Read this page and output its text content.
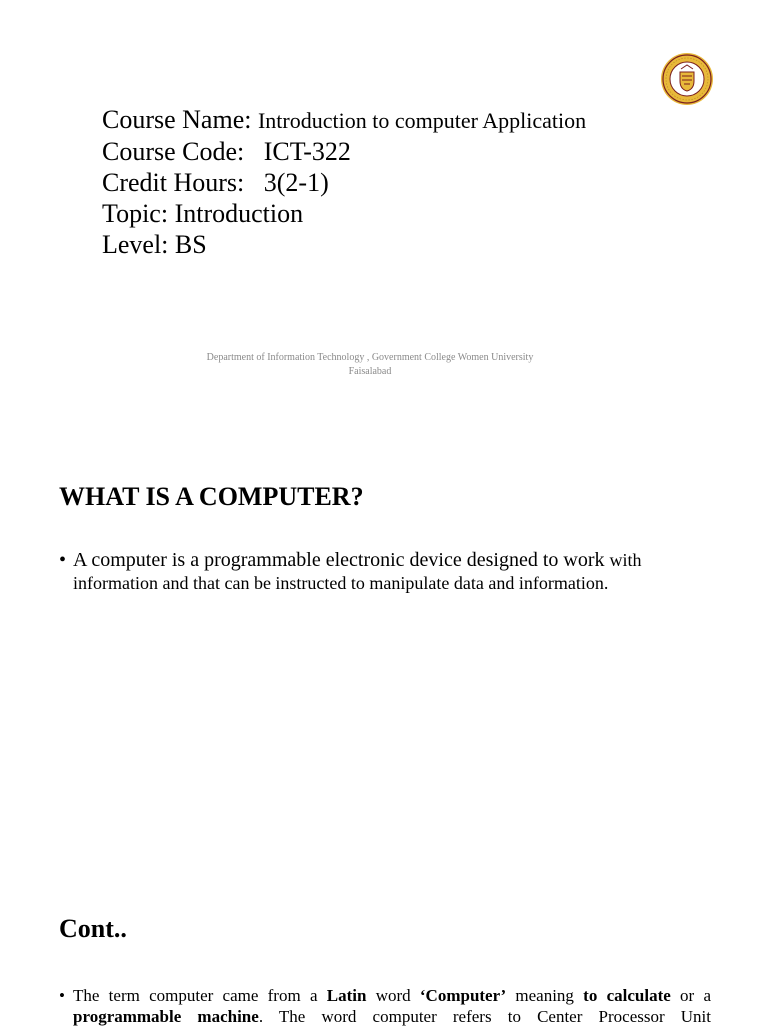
Course Name: Introduction to computer Application
Course Code: ICT-322
Credit Hours: 3(2-1)
Topic: Introduction
Level: BS
Department of Information Technology , Government College Women University
Faisalabad
WHAT IS A COMPUTER?
• A computer is a programmable electronic device designed to work with
information and that can be instructed to manipulate data and information.
Cont..
• The term computer came from a Latin word ‘Computer’ meaning to calculate or a programmable machine. The word computer refers to Center Processor Unit
